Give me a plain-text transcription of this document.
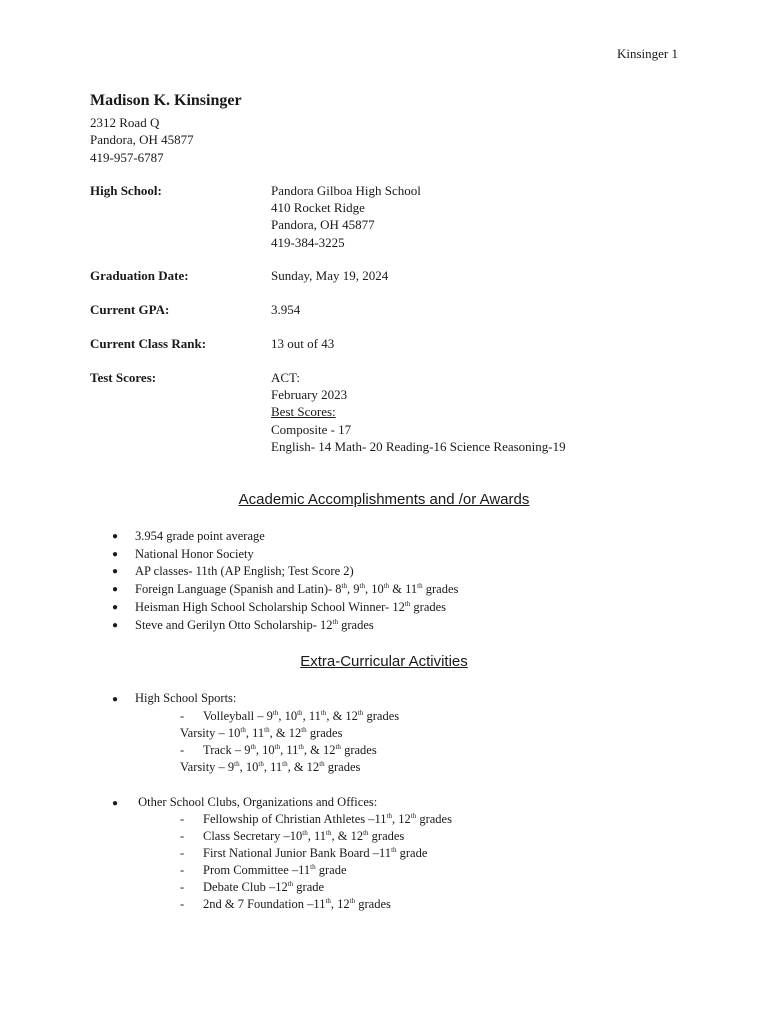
Kinsinger 1
Madison K. Kinsinger
2312 Road Q
Pandora, OH 45877
419-957-6787
High School:	Pandora Gilboa High School
410 Rocket Ridge
Pandora, OH 45877
419-384-3225
Graduation Date:	Sunday, May 19, 2024
Current GPA:	3.954
Current Class Rank:	13 out of 43
Test Scores:	ACT:
February 2023
Best Scores:
Composite - 17
English- 14 Math- 20 Reading-16 Science Reasoning-19
Academic Accomplishments and /or Awards
● 3.954 grade point average
● National Honor Society
● AP classes- 11th (AP English; Test Score 2)
● Foreign Language (Spanish and Latin)- 8th, 9th, 10th & 11th grades
● Heisman High School Scholarship School Winner- 12th grades
● Steve and Gerilyn Otto Scholarship- 12th grades
Extra-Curricular Activities
● High School Sports:
- Volleyball – 9th, 10th, 11th, & 12th grades
Varsity – 10th, 11th, & 12th grades
- Track – 9th, 10th, 11th, & 12th grades
Varsity – 9th, 10th, 11th, & 12th grades
● Other School Clubs, Organizations and Offices:
- Fellowship of Christian Athletes –11th, 12th grades
- Class Secretary –10th, 11th, & 12th grades
- First National Junior Bank Board –11th grade
- Prom Committee –11th grade
- Debate Club –12th grade
- 2nd & 7 Foundation –11th, 12th grades
